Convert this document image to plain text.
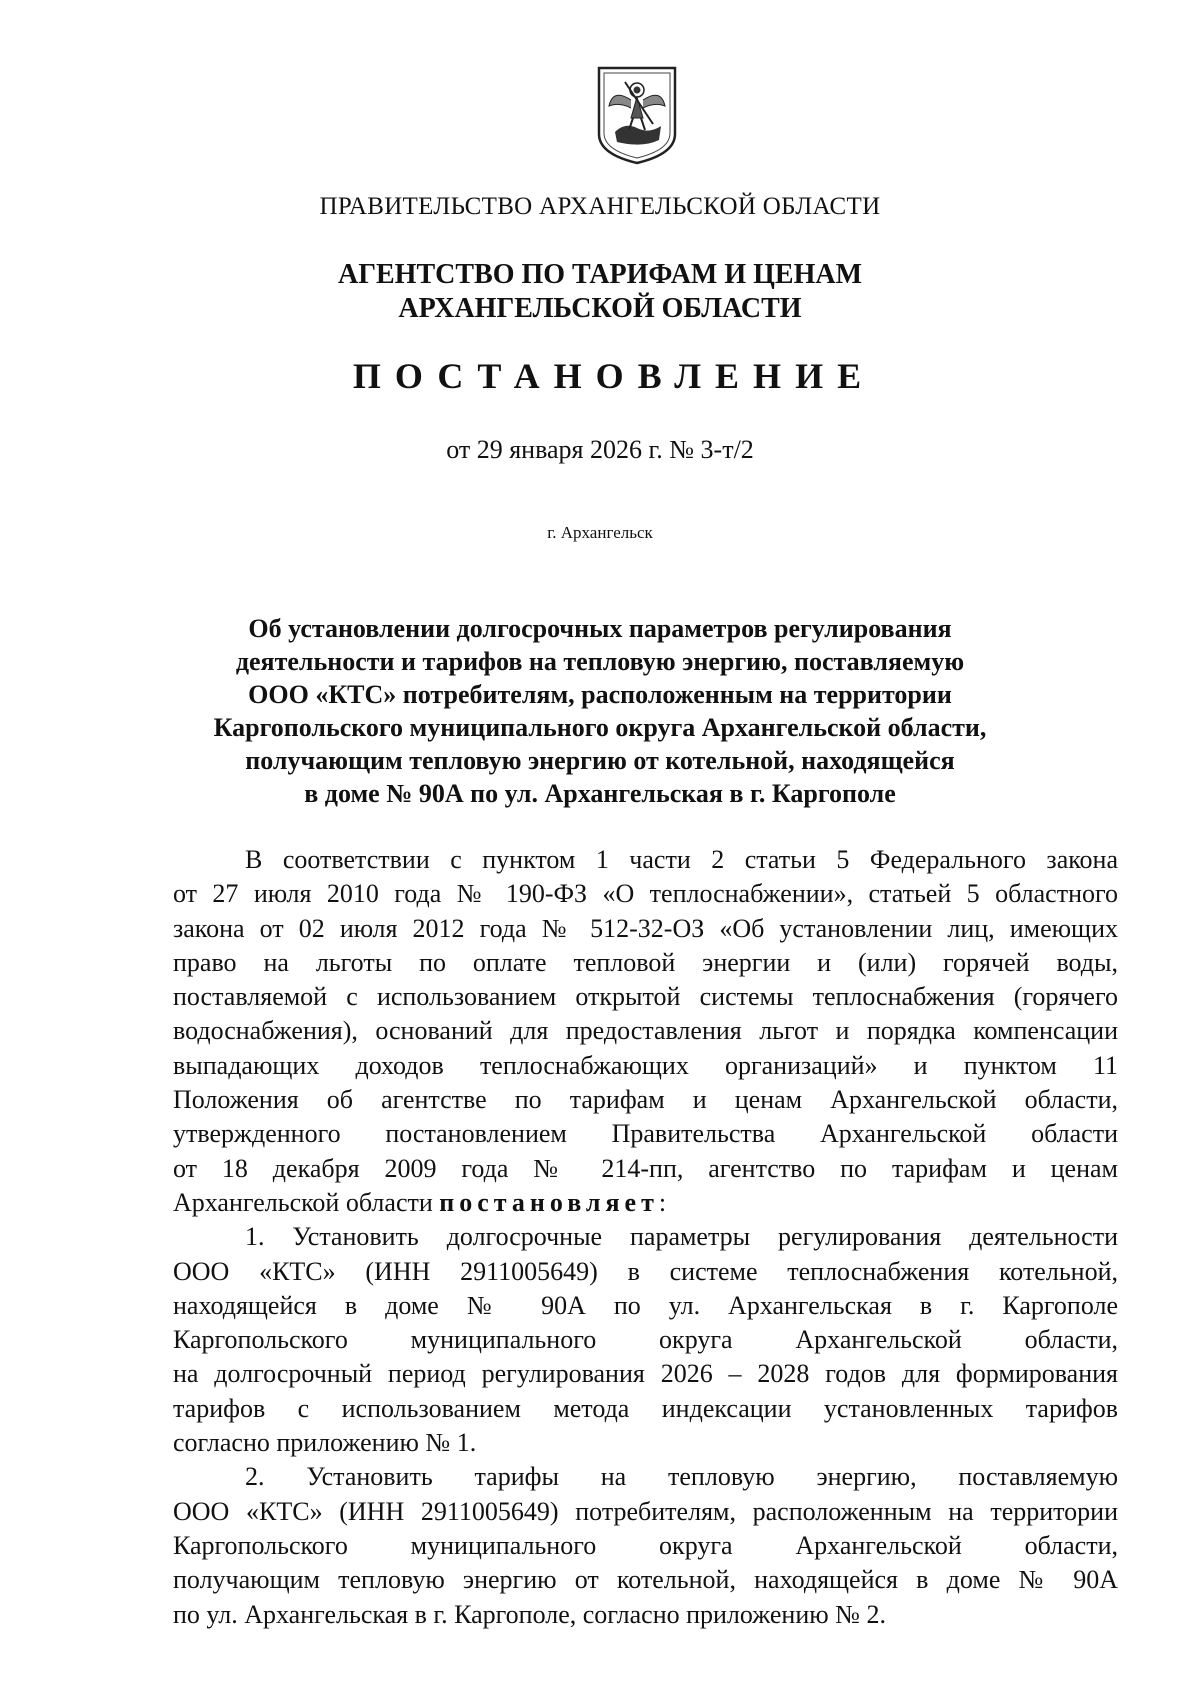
ПРАВИТЕЛЬСТВО АРХАНГЕЛЬСКОЙ ОБЛАСТИ
АГЕНТСТВО ПО ТАРИФАМ И ЦЕНАМ
АРХАНГЕЛЬСКОЙ ОБЛАСТИ
ПОСТАНОВЛЕНИЕ
от 29 января 2026 г. № 3-т/2
г. Архангельск
Об установлении долгосрочных параметров регулирования
деятельности и тарифов на тепловую энергию, поставляемую
ООО «КТС» потребителям, расположенным на территории
Каргопольского муниципального округа Архангельской области,
получающим тепловую энергию от котельной, находящейся
в доме № 90А по ул. Архангельская в г. Каргополе

В соответствии с пунктом 1 части 2 статьи 5 Федерального закона

от 27 июля 2010 года № 190-ФЗ «О теплоснабжении», статьей 5 областного

закона от 02 июля 2012 года № 512-32-ОЗ «Об установлении лиц, имеющих

право на льготы по оплате тепловой энергии и (или) горячей воды,

поставляемой с использованием открытой системы теплоснабжения (горячего

водоснабжения), оснований для предоставления льгот и порядка компенсации

выпадающих доходов теплоснабжающих организаций» и пунктом 11

Положения об агентстве по тарифам и ценам Архангельской области,

утвержденного постановлением Правительства Архангельской области

от 18 декабря 2009 года № 214-пп, агентство по тарифам и ценам

Архангельской области постановляет:

1. Установить долгосрочные параметры регулирования деятельности

ООО «КТС» (ИНН 2911005649) в системе теплоснабжения котельной,

находящейся в доме № 90А по ул. Архангельская в г. Каргополе

Каргопольского муниципального округа Архангельской области,

на долгосрочный период регулирования 2026 – 2028 годов для формирования

тарифов с использованием метода индексации установленных тарифов

согласно приложению № 1.

2. Установить тарифы на тепловую энергию, поставляемую

ООО «КТС» (ИНН 2911005649) потребителям, расположенным на территории

Каргопольского муниципального округа Архангельской области,

получающим тепловую энергию от котельной, находящейся в доме № 90А

по ул. Архангельская в г. Каргополе, согласно приложению № 2.
